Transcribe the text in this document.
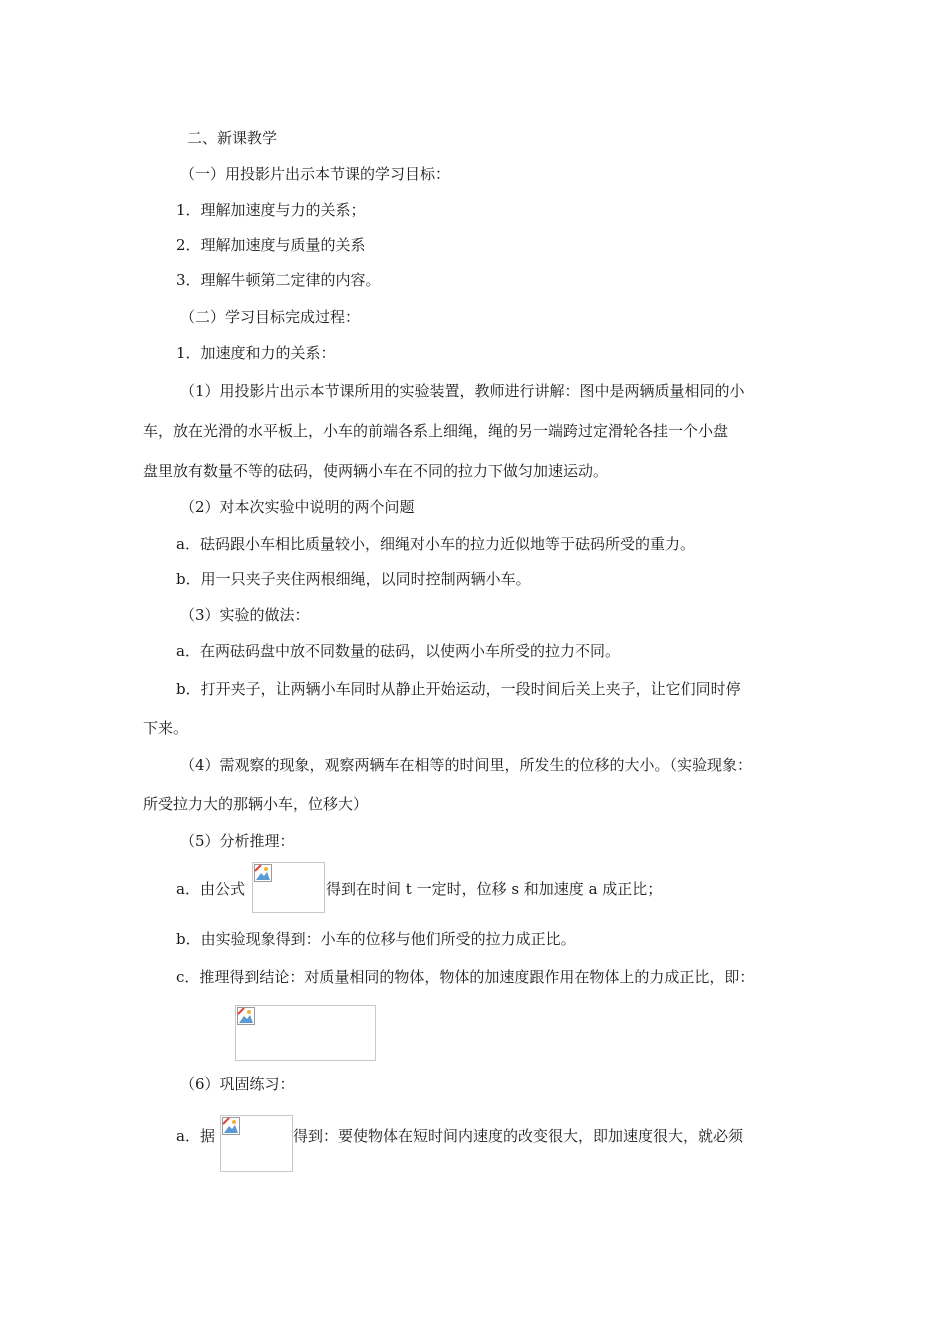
二、新课教学
（一）用投影片出示本节课的学习目标：
1．理解加速度与力的关系；
2．理解加速度与质量的关系
3．理解牛顿第二定律的内容。
（二）学习目标完成过程：
1．加速度和力的关系：
（1）用投影片出示本节课所用的实验装置，教师进行讲解：图中是两辆质量相同的小
车，放在光滑的水平板上，小车的前端各系上细绳，绳的另一端跨过定滑轮各挂一个小盘
盘里放有数量不等的砝码，使两辆小车在不同的拉力下做匀加速运动。
（2）对本次实验中说明的两个问题
a．砝码跟小车相比质量较小，细绳对小车的拉力近似地等于砝码所受的重力。
b．用一只夹子夹住两根细绳，以同时控制两辆小车。
（3）实验的做法：
a．在两砝码盘中放不同数量的砝码，以使两小车所受的拉力不同。
b．打开夹子，让两辆小车同时从静止开始运动，一段时间后关上夹子，让它们同时停
下来。
（4）需观察的现象，观察两辆车在相等的时间里，所发生的位移的大小。（实验现象：
所受拉力大的那辆小车，位移大）
（5）分析推理：
a．由公式	得到在时间 t 一定时，位移 s 和加速度 a 成正比；
b．由实验现象得到：小车的位移与他们所受的拉力成正比。
c．推理得到结论：对质量相同的物体，物体的加速度跟作用在物体上的力成正比，即：
（6）巩固练习：
a．据	得到：要使物体在短时间内速度的改变很大，即加速度很大，就必须
